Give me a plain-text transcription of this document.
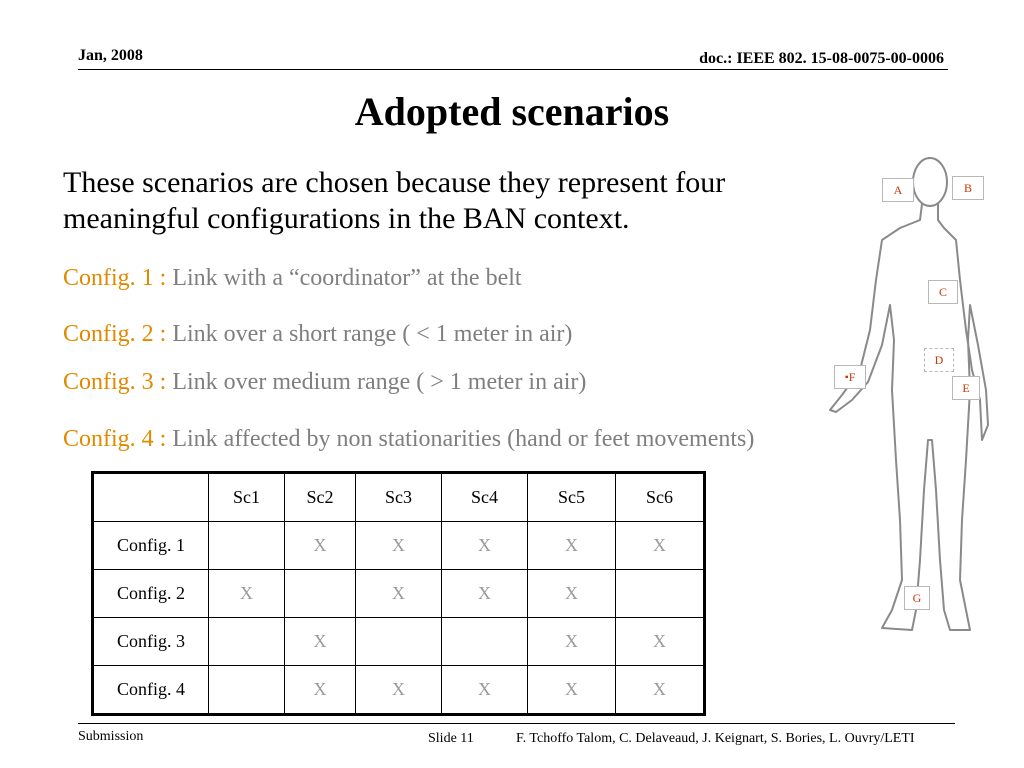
Jan, 2008	doc.: IEEE 802. 15-08-0075-00-0006
Adopted scenarios
These scenarios are chosen because they represent four meaningful configurations in the BAN context.
Config. 1 : Link with a “coordinator” at the belt
Config. 2 : Link over a short range ( < 1 meter in air)
Config. 3 : Link over medium range ( > 1 meter in air)
Config. 4 : Link affected by non stationarities (hand or feet movements)
A	B
C
D
•F
E
G
	Sc1	Sc2	Sc3	Sc4	Sc5	Sc6
Config. 1		X	X	X	X	X
Config. 2	X		X	X	X	
Config. 3		X			X	X
Config. 4		X	X	X	X	X
Submission	Slide 11	F. Tchoffo Talom, C. Delaveaud, J. Keignart, S. Bories, L. Ouvry/LETI
